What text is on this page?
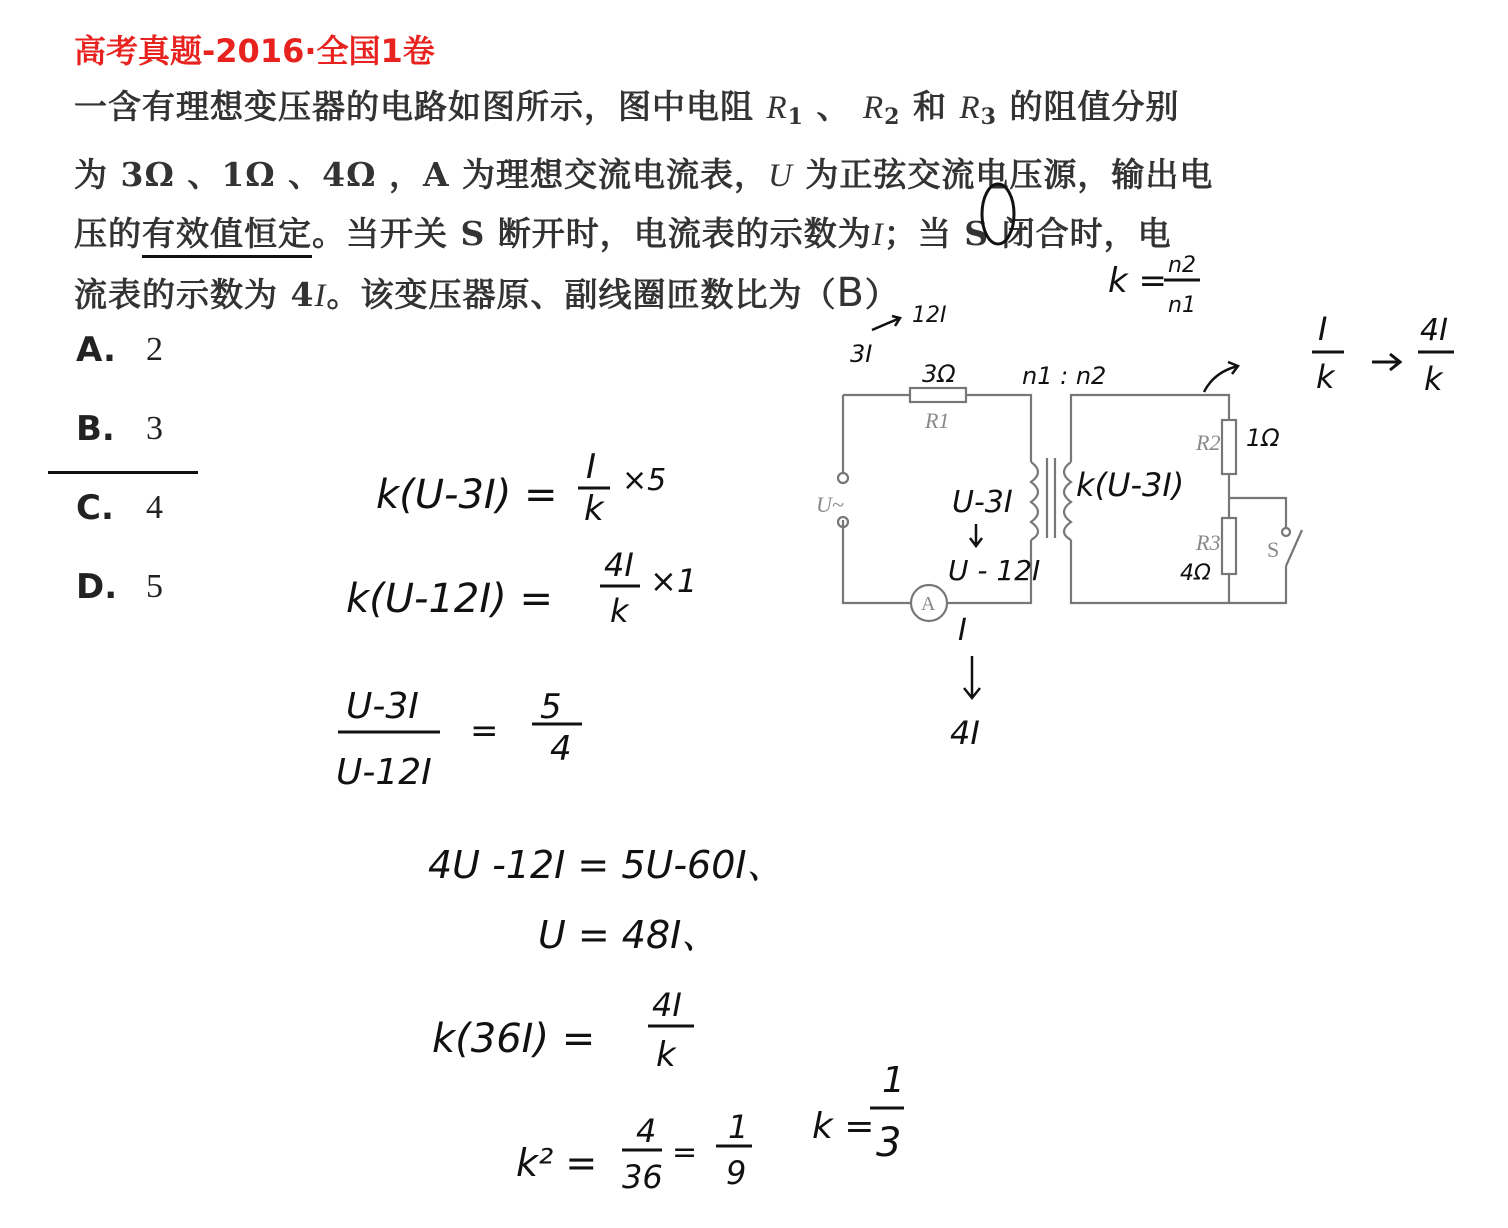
高考真题-2016·全国1卷

一含有理想变压器的电路如图所示，图中电阻 $R_1$ 、 $R_2$ 和 $R_3$ 的阻值分别

为 3Ω 、1Ω 、4Ω ，A 为理想交流电流表，U 为正弦交流电压源，输出电

压的有效值恒定。当开关 S 断开时，电流表的示数为I；当 S 闭合时，电

流表的示数为 4I。该变压器原、副线圈匝数比为（B）

A. 2
B. 3
C. 4
D. 5
R1
R2
R3
U~
A
S
k = n2
n1
3I
12I
3Ω	n1 : n2
I
k
4I
k
1Ω
4Ω
U-3I
U - 12I
k(U-3I)
I
4I
k(U-3I) =
I
k
×5
k(U-12I) =
4I
k
×1
U-3I
U-12I
=
5
4
4U -12I = 5U-60I、
U = 48I、
k(36I) =
4I
k
k² =
4
36
=
1
9
k =
1
3
